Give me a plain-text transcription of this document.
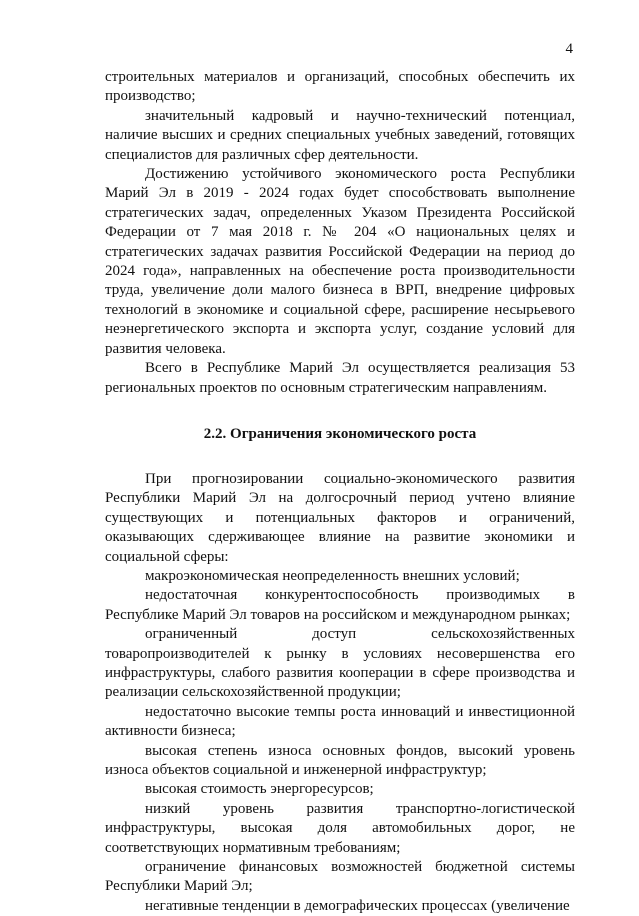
4

строительных материалов и организаций, способных обеспечить их производство;

значительный кадровый и научно-технический потенциал, наличие высших и средних специальных учебных заведений, готовящих специалистов для различных сфер деятельности.

Достижению устойчивого экономического роста Республики Марий Эл в 2019 - 2024 годах будет способствовать выполнение стратегических задач, определенных Указом Президента Российской Федерации от 7 мая 2018 г. № 204 «О национальных целях и стратегических задачах развития Российской Федерации на период до 2024 года», направленных на обеспечение роста производительности труда, увеличение доли малого бизнеса в ВРП, внедрение цифровых технологий в экономике и социальной сфере, расширение несырьевого неэнергетического экспорта и экспорта услуг, создание условий для развития человека.

Всего в Республике Марий Эл осуществляется реализация 53 региональных проектов по основным стратегическим направлениям.

2.2. Ограничения экономического роста

При прогнозировании социально-экономического развития Республики Марий Эл на долгосрочный период учтено влияние существующих и потенциальных факторов и ограничений, оказывающих сдерживающее влияние на развитие экономики и социальной сферы:

макроэкономическая неопределенность внешних условий;

недостаточная конкурентоспособность производимых в Республике Марий Эл товаров на российском и международном рынках;

ограниченный доступ сельскохозяйственных товаропроизводителей к рынку в условиях несовершенства его инфраструктуры, слабого развития кооперации в сфере производства и реализации сельскохозяйственной продукции;

недостаточно высокие темпы роста инноваций и инвестиционной активности бизнеса;

высокая степень износа основных фондов, высокий уровень износа объектов социальной и инженерной инфраструктур;

высокая стоимость энергоресурсов;

низкий уровень развития транспортно-логистической инфраструктуры, высокая доля автомобильных дорог, не соответствующих нормативным требованиям;

ограничение финансовых возможностей бюджетной системы Республики Марий Эл;

негативные тенденции в демографических процессах (увеличение
